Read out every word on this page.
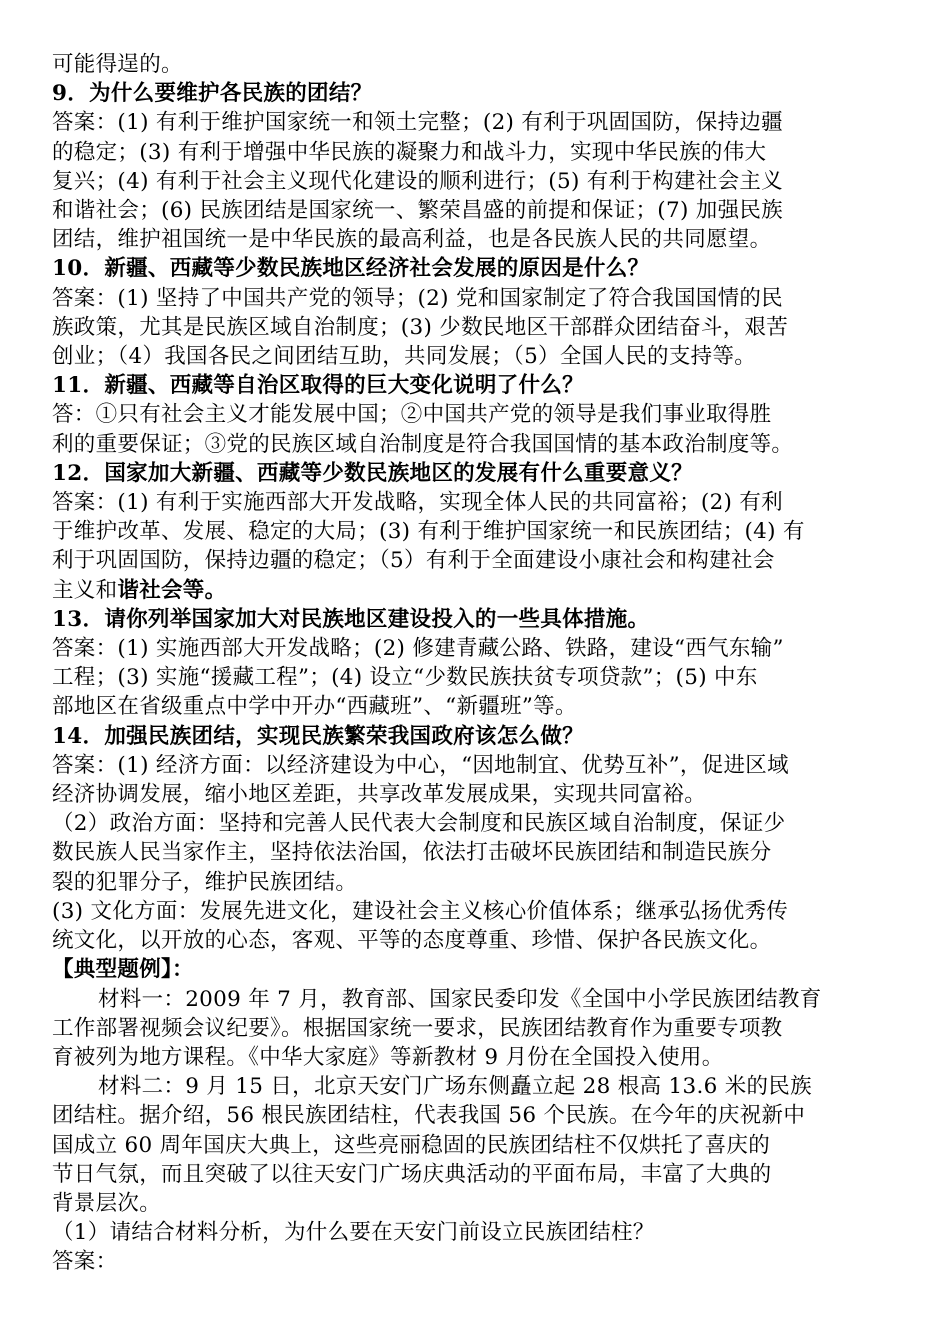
可能得逞的。
9．为什么要维护各民族的团结？
答案：(1) 有利于维护国家统一和领土完整；(2) 有利于巩固国防，保持边疆
的稳定；(3) 有利于增强中华民族的凝聚力和战斗力，实现中华民族的伟大
复兴；(4) 有利于社会主义现代化建设的顺利进行；(5) 有利于构建社会主义
和谐社会；(6) 民族团结是国家统一、繁荣昌盛的前提和保证；(7) 加强民族
团结，维护祖国统一是中华民族的最高利益，也是各民族人民的共同愿望。
10．新疆、西藏等少数民族地区经济社会发展的原因是什么？
答案：(1) 坚持了中国共产党的领导；(2) 党和国家制定了符合我国国情的民
族政策，尤其是民族区域自治制度；(3) 少数民地区干部群众团结奋斗，艰苦
创业；（4）我国各民之间团结互助，共同发展；（5）全国人民的支持等。
11．新疆、西藏等自治区取得的巨大变化说明了什么？
答：①只有社会主义才能发展中国；②中国共产党的领导是我们事业取得胜
利的重要保证；③党的民族区域自治制度是符合我国国情的基本政治制度等。
12．国家加大新疆、西藏等少数民族地区的发展有什么重要意义？
答案：(1) 有利于实施西部大开发战略，实现全体人民的共同富裕；(2) 有利
于维护改革、发展、稳定的大局；(3) 有利于维护国家统一和民族团结；(4) 有
利于巩固国防，保持边疆的稳定；（5）有利于全面建设小康社会和构建社会
主义和谐社会等。
13．请你列举国家加大对民族地区建设投入的一些具体措施。
答案：(1) 实施西部大开发战略；(2) 修建青藏公路、铁路，建设“西气东输”
工程；(3) 实施“援藏工程”；(4) 设立“少数民族扶贫专项贷款”；(5) 中东
部地区在省级重点中学中开办“西藏班”、“新疆班”等。
14．加强民族团结，实现民族繁荣我国政府该怎么做？
答案：(1) 经济方面：以经济建设为中心，“因地制宜、优势互补”，促进区域
经济协调发展，缩小地区差距，共享改革发展成果，实现共同富裕。
（2）政治方面：坚持和完善人民代表大会制度和民族区域自治制度，保证少
数民族人民当家作主，坚持依法治国，依法打击破坏民族团结和制造民族分
裂的犯罪分子，维护民族团结。
(3) 文化方面：发展先进文化，建设社会主义核心价值体系；继承弘扬优秀传
统文化，以开放的心态，客观、平等的态度尊重、珍惜、保护各民族文化。
【典型题例】：
材料一：2009 年 7 月，教育部、国家民委印发《全国中小学民族团结教育
工作部署视频会议纪要》。根据国家统一要求，民族团结教育作为重要专项教
育被列为地方课程。《中华大家庭》等新教材 9 月份在全国投入使用。
材料二：9 月 15 日，北京天安门广场东侧矗立起 28 根高 13.6 米的民族
团结柱。据介绍，56 根民族团结柱，代表我国 56 个民族。在今年的庆祝新中
国成立 60 周年国庆大典上，这些亮丽稳固的民族团结柱不仅烘托了喜庆的
节日气氛，而且突破了以往天安门广场庆典活动的平面布局，丰富了大典的
背景层次。
（1）请结合材料分析，为什么要在天安门前设立民族团结柱？
答案：
